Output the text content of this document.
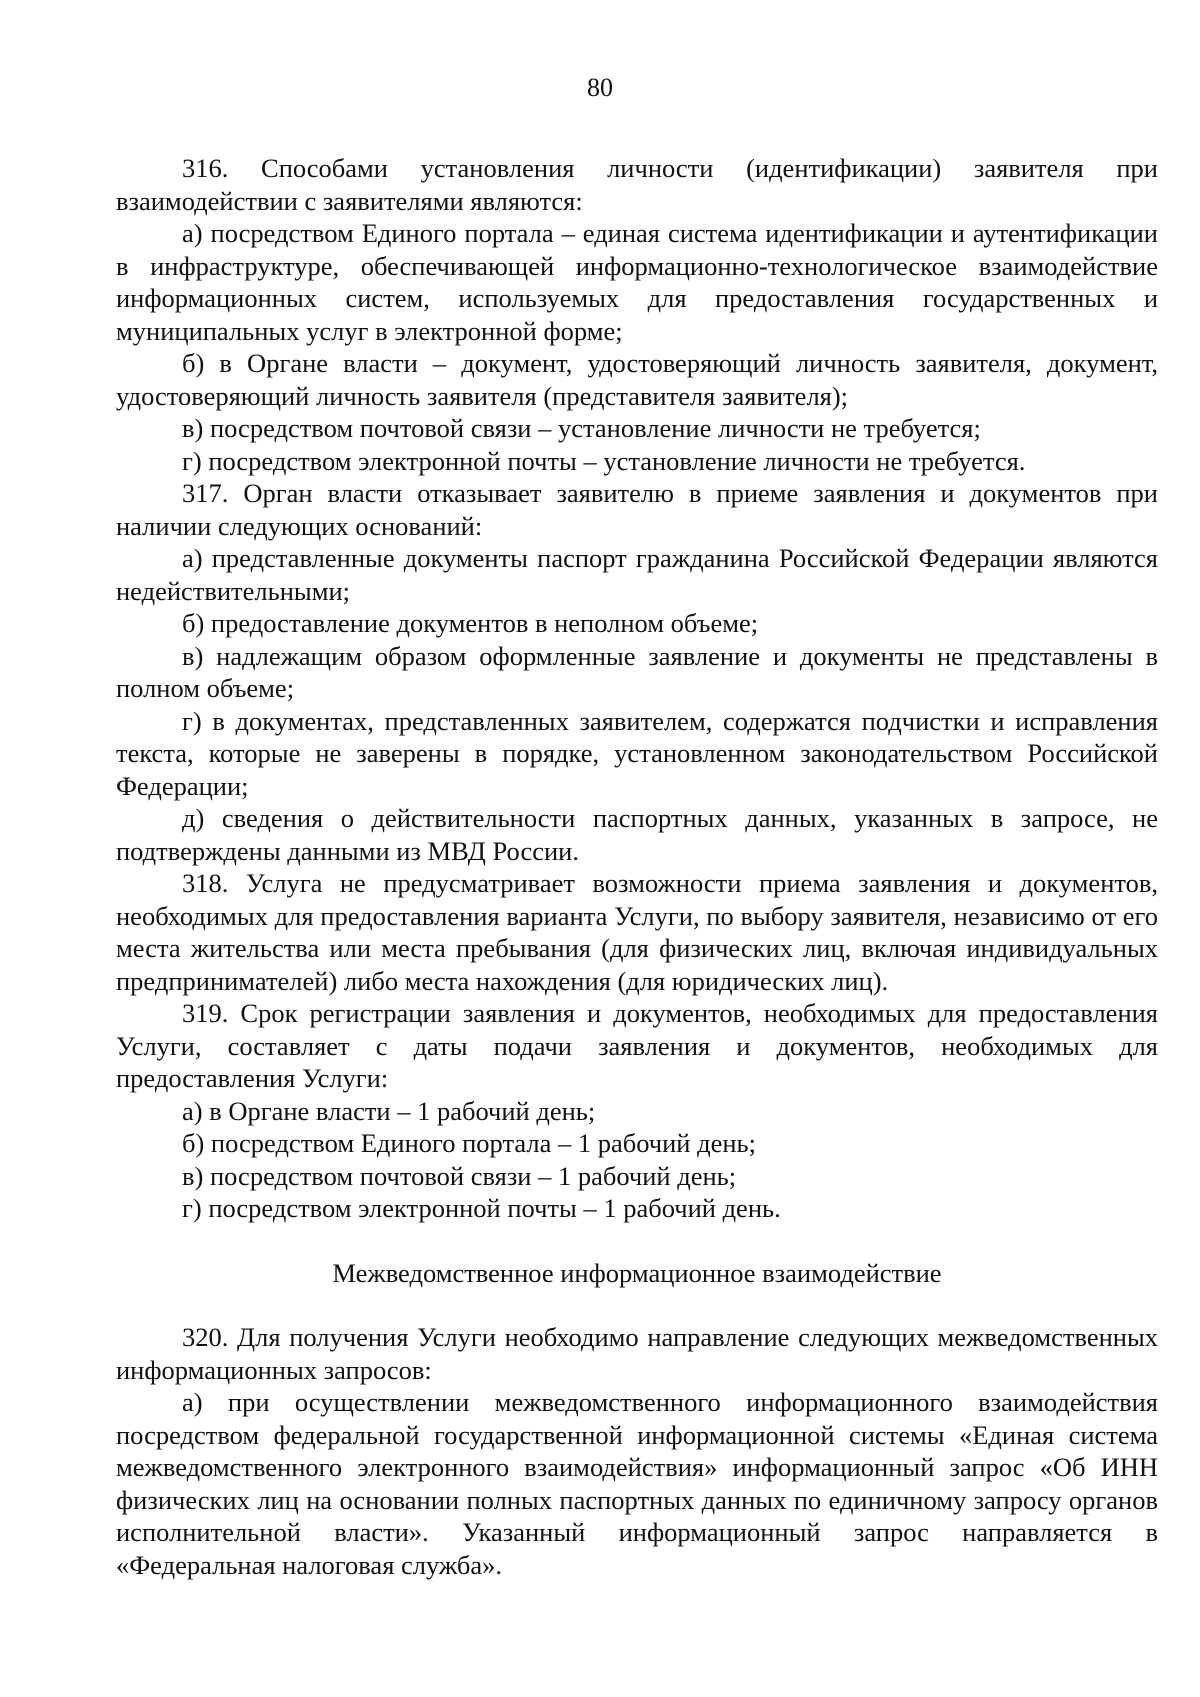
80

316. Способами установления личности (идентификации) заявителя при взаимодействии с заявителями являются:

а) посредством Единого портала – единая система идентификации и аутентификации в инфраструктуре, обеспечивающей информационно-технологическое взаимодействие информационных систем, используемых для предоставления государственных и муниципальных услуг в электронной форме;

б) в Органе власти – документ, удостоверяющий личность заявителя, документ, удостоверяющий личность заявителя (представителя заявителя);

в) посредством почтовой связи – установление личности не требуется;

г) посредством электронной почты – установление личности не требуется.

317. Орган власти отказывает заявителю в приеме заявления и документов при наличии следующих оснований:

а) представленные документы паспорт гражданина Российской Федерации являются недействительными;

б) предоставление документов в неполном объеме;

в) надлежащим образом оформленные заявление и документы не представлены в полном объеме;

г) в документах, представленных заявителем, содержатся подчистки и исправления текста, которые не заверены в порядке, установленном законодательством Российской Федерации;

д) сведения о действительности паспортных данных, указанных в запросе, не подтверждены данными из МВД России.

318. Услуга не предусматривает возможности приема заявления и документов, необходимых для предоставления варианта Услуги, по выбору заявителя, независимо от его места жительства или места пребывания (для физических лиц, включая индивидуальных предпринимателей) либо места нахождения (для юридических лиц).

319. Срок регистрации заявления и документов, необходимых для предоставления Услуги, составляет с даты подачи заявления и документов, необходимых для предоставления Услуги:

а) в Органе власти – 1 рабочий день;

б) посредством Единого портала – 1 рабочий день;

в) посредством почтовой связи – 1 рабочий день;

г) посредством электронной почты – 1 рабочий день.

Межведомственное информационное взаимодействие

320. Для получения Услуги необходимо направление следующих межведомственных информационных запросов:

а) при осуществлении межведомственного информационного взаимодействия посредством федеральной государственной информационной системы «Единая система межведомственного электронного взаимодействия» информационный запрос «Об ИНН физических лиц на основании полных паспортных данных по единичному запросу органов исполнительной власти». Указанный информационный запрос направляется в «Федеральная налоговая служба».
